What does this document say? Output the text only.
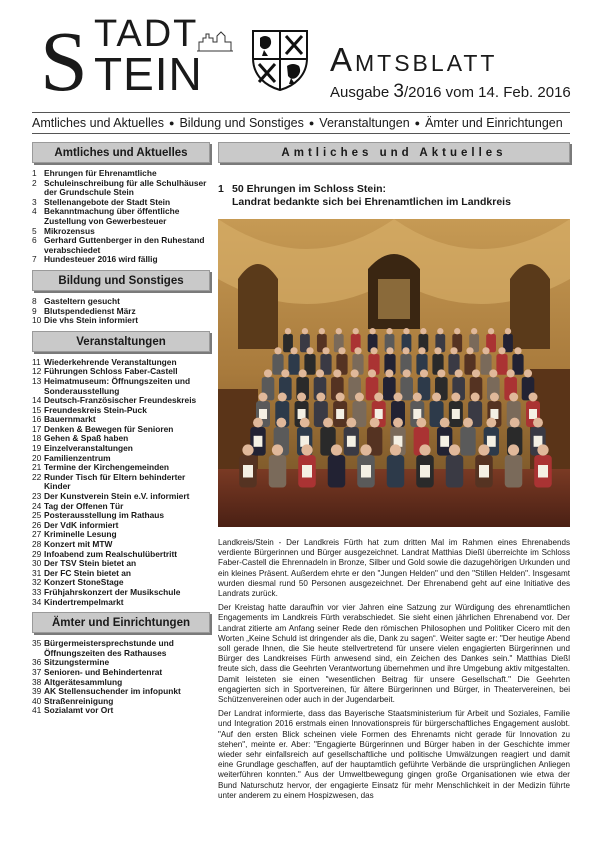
S TADT
TEIN	Amtsblatt
Ausgabe 3/2016 vom 14. Feb. 2016
Amtliches und Aktuelles ● Bildung und Sonstiges ● Veranstaltungen ● Ämter und Einrichtungen
Amtliches und Aktuelles
1 Ehrungen für Ehrenamtliche
2 Schuleinschreibung für alle Schulhäuser der Grundschule Stein
3 Stellenangebote der Stadt Stein
4 Bekanntmachung über öffentliche Zustellung von Gewerbesteuer
5 Mikrozensus
6 Gerhard Guttenberger in den Ruhestand verabschiedet
7 Hundesteuer 2016 wird fällig
Bildung und Sonstiges
8 Gasteltern gesucht
9 Blutspendedienst März
10 Die vhs Stein informiert
Veranstaltungen
11 Wiederkehrende Veranstaltungen
12 Führungen Schloss Faber-Castell
13 Heimatmuseum: Öffnungszeiten und Sonderausstellung
14 Deutsch-Französischer Freundeskreis
15 Freundeskreis Stein-Puck
16 Bauernmarkt
17 Denken & Bewegen für Senioren
18 Gehen & Spaß haben
19 Einzelveranstaltungen
20 Familienzentrum
21 Termine der Kirchengemeinden
22 Runder Tisch für Eltern behinderter Kinder
23 Der Kunstverein Stein e.V. informiert
24 Tag der Offenen Tür
25 Posterausstellung im Rathaus
26 Der VdK informiert
27 Kriminelle Lesung
28 Konzert mit MTW
29 Infoabend zum Realschulübertritt
30 Der TSV Stein bietet an
31 Der FC Stein bietet an
32 Konzert StoneStage
33 Frühjahrskonzert der Musikschule
34 Kindertrempelmarkt
Ämter und Einrichtungen
35 Bürgermeistersprechstunde und Öffnungszeiten des Rathauses
36 Sitzungstermine
37 Senioren- und Behindertenrat
38 Altgerätesammlung
39 AK Stellensuchender im infopunkt
40 Straßenreinigung
41 Sozialamt vor Ort
Amtliches und Aktuelles
1 50 Ehrungen im Schloss Stein:
Landrat bedankte sich bei Ehrenamtlichen im Landkreis

Landkreis/Stein - Der Landkreis Fürth hat zum dritten Mal im Rahmen eines Ehrenabends verdiente Bürgerinnen und Bürger ausgezeichnet. Landrat Matthias Dießl überreichte im Schloss Faber-Castell die Ehrennadeln in Bronze, Silber und Gold sowie die dazugehörigen Urkunden und ein kleines Präsent. Außerdem ehrte er den "Jungen Helden" und den "Stillen Helden". Insgesamt wurden diesmal rund 50 Personen ausgezeichnet. Der Ehrenabend geht auf eine Initiative des Landrats zurück.

Der Kreistag hatte daraufhin vor vier Jahren eine Satzung zur Würdigung des ehrenamtlichen Engagements im Landkreis Fürth verabschiedet. Sie sieht einen jährlichen Ehrenabend vor. Der Landrat zitierte am Anfang seiner Rede den römischen Philosophen und Politiker Cicero mit den Worten „Keine Schuld ist dringender als die, Dank zu sagen“. Weiter sagte er: "Der heutige Abend soll gerade Ihnen, die Sie heute stellvertretend für unsere vielen engagierten Bürgerinnen und Bürger des Landkreises Fürth anwesend sind, ein Zeichen des Dankes sein." Matthias Dießl freute sich, dass die Geehrten Verantwortung übernehmen und ihre Umgebung aktiv mitgestalten. Damit leisteten sie einen "wesentlichen Beitrag für unsere Gesellschaft." Die Geehrten engagierten sich in Sportvereinen, für ältere Bürgerinnen und Bürger, in Theatervereinen, bei Schützenvereinen oder auch in der Jugendarbeit.

Der Landrat informierte, dass das Bayerische Staatsministerium für Arbeit und Soziales, Familie und Integration 2016 erstmals einen Innovationspreis für bürgerschaftliches Engagement auslobt. "Auf den ersten Blick scheinen viele Formen des Ehrenamts nicht gerade für Innovation zu stehen", meinte er. Aber: "Engagierte Bürgerinnen und Bürger haben in der Geschichte immer wieder sehr einfallsreich auf gesellschaftliche und politische Umwälzungen reagiert und damit eine Grundlage geschaffen, auf der hauptamtlich geführte Verbände die ursprünglichen Anliegen weiterführen konnten." Aus der Umweltbewegung gingen große Organisationen wie etwa der Bund Naturschutz hervor, der engagierte Einsatz für mehr Menschlichkeit in der Medizin führte unter anderem zu einem Hospizwesen, das
